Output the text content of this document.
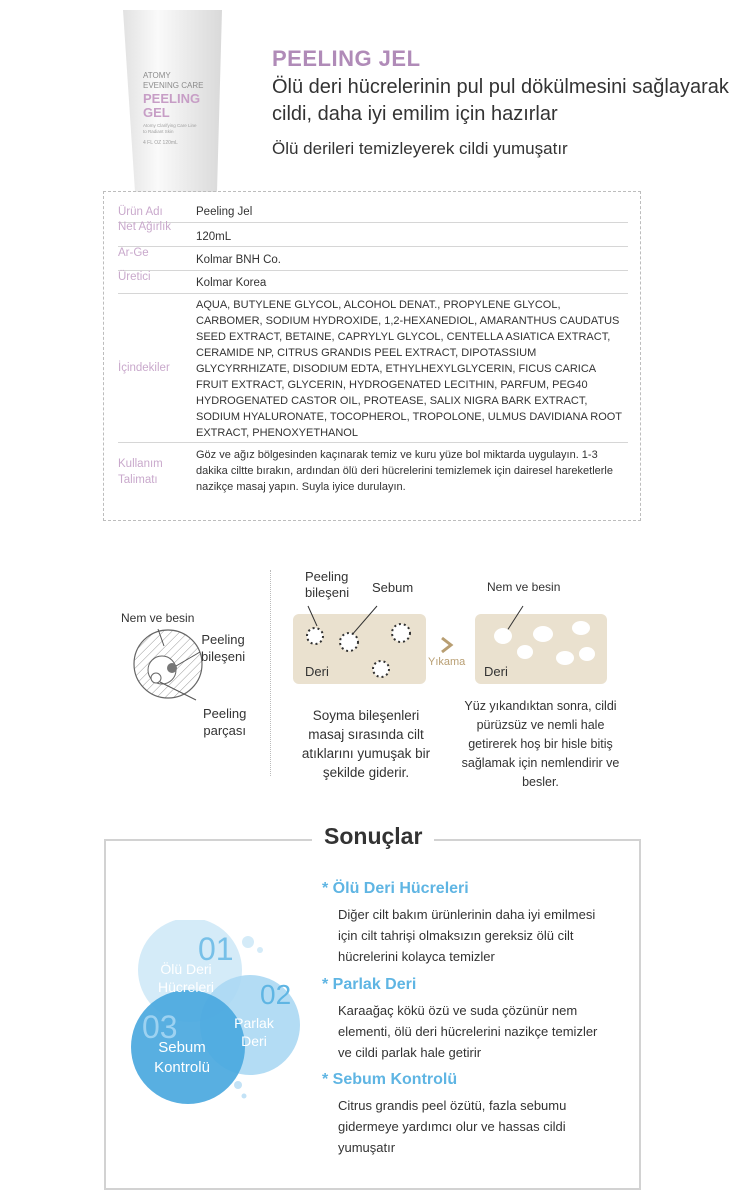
ATOMY
EVENING CARE
PEELING
GEL
Atomy Clarifying Care Line
to Radiant Skin
4 FL OZ 120mL
PEELING JEL
Ölü deri hücrelerinin pul pul dökülmesini sağlayarak cildi, daha iyi emilim için hazırlar
Ölü derileri temizleyerek cildi yumuşatır
Ürün Adı	Peeling Jel
Net Ağırlık
120mL
Ar-Ge
Kolmar BNH Co.
Üretici	Kolmar Korea
İçindekiler
AQUA, BUTYLENE GLYCOL, ALCOHOL DENAT., PROPYLENE GLYCOL, CARBOMER, SODIUM HYDROXIDE, 1,2-HEXANEDIOL, AMARANTHUS CAUDATUS SEED EXTRACT, BETAINE, CAPRYLYL GLYCOL, CENTELLA ASIATICA EXTRACT, CERAMIDE NP, CITRUS GRANDIS PEEL EXTRACT, DIPOTASSIUM GLYCYRRHIZATE, DISODIUM EDTA, ETHYLHEXYLGLYCERIN, FICUS CARICA FRUIT EXTRACT, GLYCERIN, HYDROGENATED LECITHIN, PARFUM, PEG40 HYDROGENATED CASTOR OIL, PROTEASE, SALIX NIGRA BARK EXTRACT, SODIUM HYALURONATE, TOCOPHEROL, TROPOLONE, ULMUS DAVIDIANA ROOT EXTRACT, PHENOXYETHANOL
Kullanım Talimatı
Göz ve ağız bölgesinden kaçınarak temiz ve kuru yüze bol miktarda uygulayın. 1-3 dakika ciltte bırakın, ardından ölü deri hücrelerini temizlemek için dairesel hareketlerle nazikçe masaj yapın. Suyla iyice durulayın.
Nem ve besin
Peeling
bileşeni
Peeling
parçası
Peeling
bileşeni Sebum
Deri
Yıkama
Nem ve besin
Deri
Soyma bileşenleri masaj sırasında cilt atıklarını yumuşak bir şekilde giderir.
Yüz yıkandıktan sonra, cildi pürüzsüz ve nemli hale getirerek hoş bir hisle bitiş sağlamak için nemlendirir ve besler.
Sonuçlar
01
Ölü Deri
Hücreleri 02
Parlak
Deri
03
Sebum
Kontrolü
* Ölü Deri Hücreleri
Diğer cilt bakım ürünlerinin daha iyi emilmesi için cilt tahrişi olmaksızın gereksiz ölü cilt hücrelerini kolayca temizler
* Parlak Deri
Karaağaç kökü özü ve suda çözünür nem elementi, ölü deri hücrelerini nazikçe temizler ve cildi parlak hale getirir
* Sebum Kontrolü
Citrus grandis peel özütü, fazla sebumu gidermeye yardımcı olur ve hassas cildi yumuşatır
